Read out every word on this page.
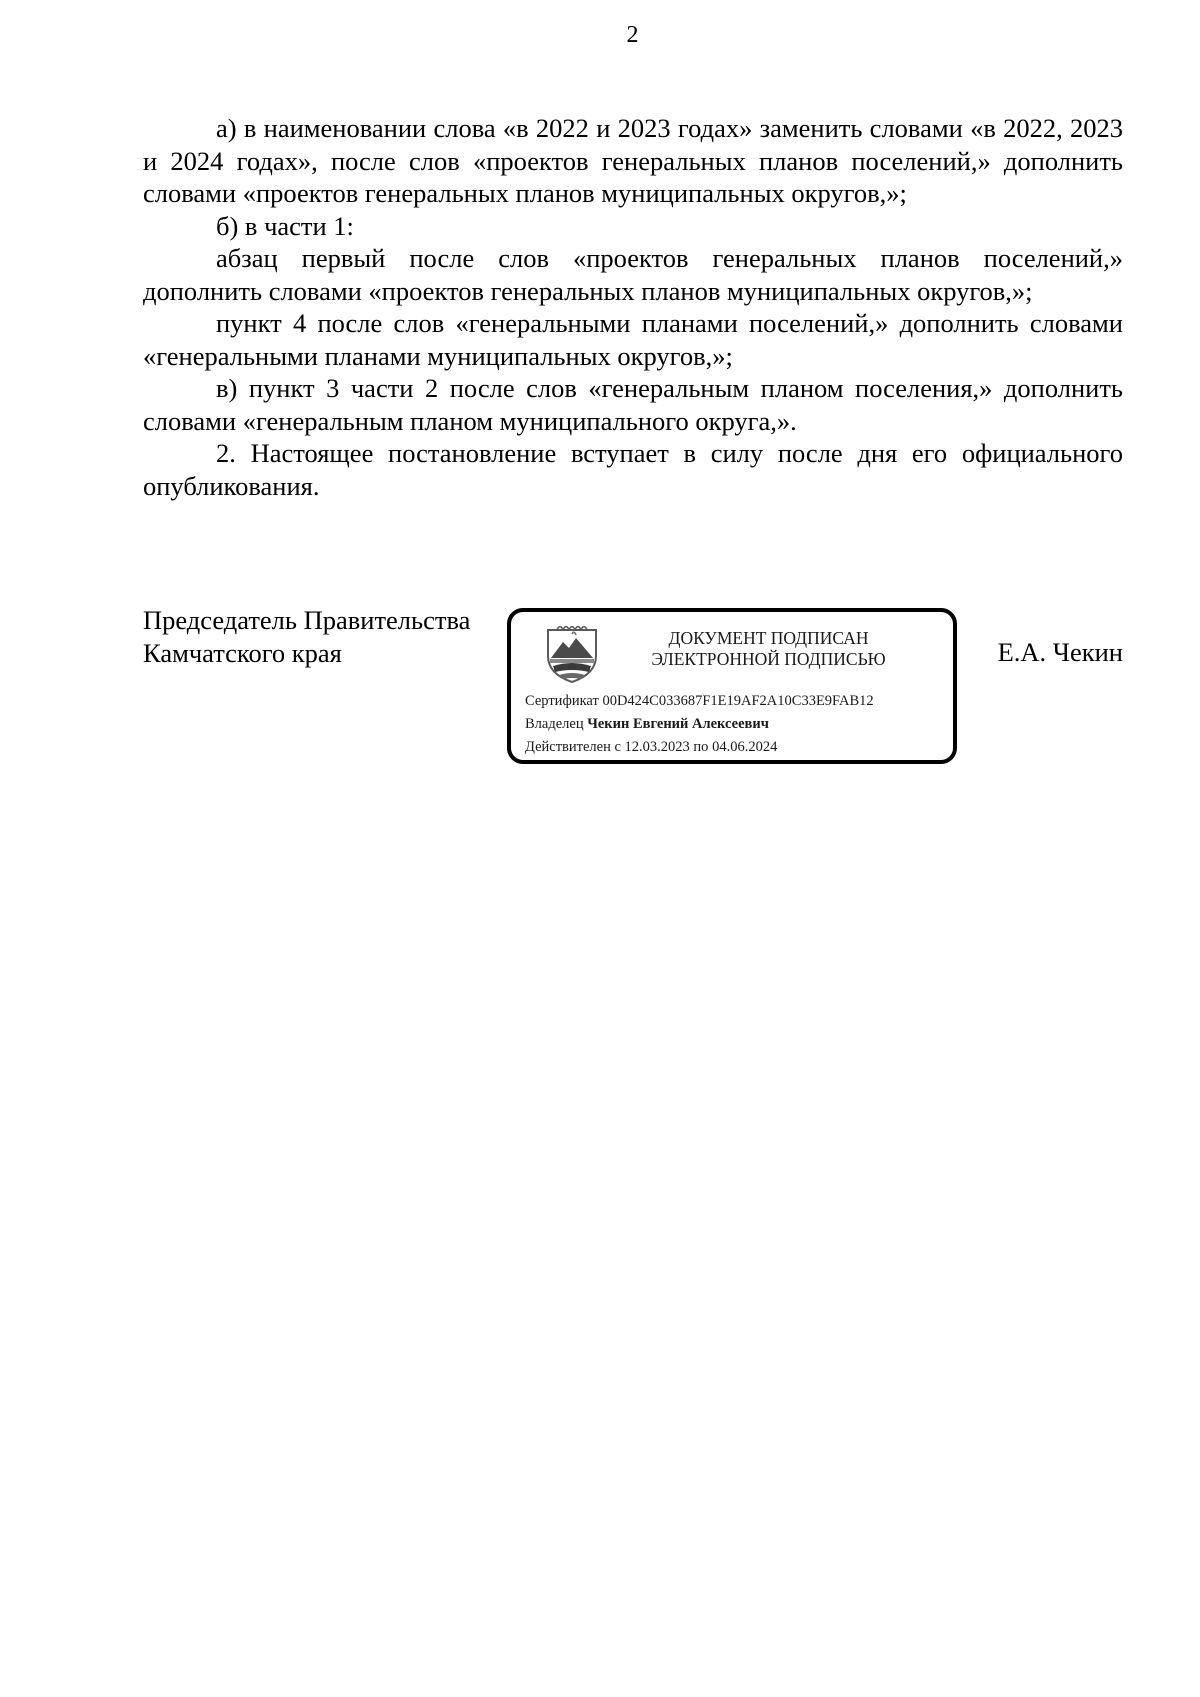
2

а) в наименовании слова «в 2022 и 2023 годах» заменить словами «в 2022, 2023 и 2024 годах», после слов «проектов генеральных планов поселений,» дополнить словами «проектов генеральных планов муниципальных округов,»;

б) в части 1:

абзац первый после слов «проектов генеральных планов поселений,» дополнить словами «проектов генеральных планов муниципальных округов,»;

пункт 4 после слов «генеральными планами поселений,» дополнить словами «генеральными планами муниципальных округов,»;

в) пункт 3 части 2 после слов «генеральным планом поселения,» дополнить словами «генеральным планом муниципального округа,».

2. Настоящее постановление вступает в силу после дня его официального опубликования.

Председатель Правительства
Камчатского края	ДОКУМЕНТ ПОДПИСАН
ЭЛЕКТРОННОЙ ПОДПИСЬЮ
Сертификат 00D424C033687F1E19AF2A10C33E9FAB12
Владелец Чекин Евгений Алексеевич
Действителен с 12.03.2023 по 04.06.2024
Е.А. Чекин
